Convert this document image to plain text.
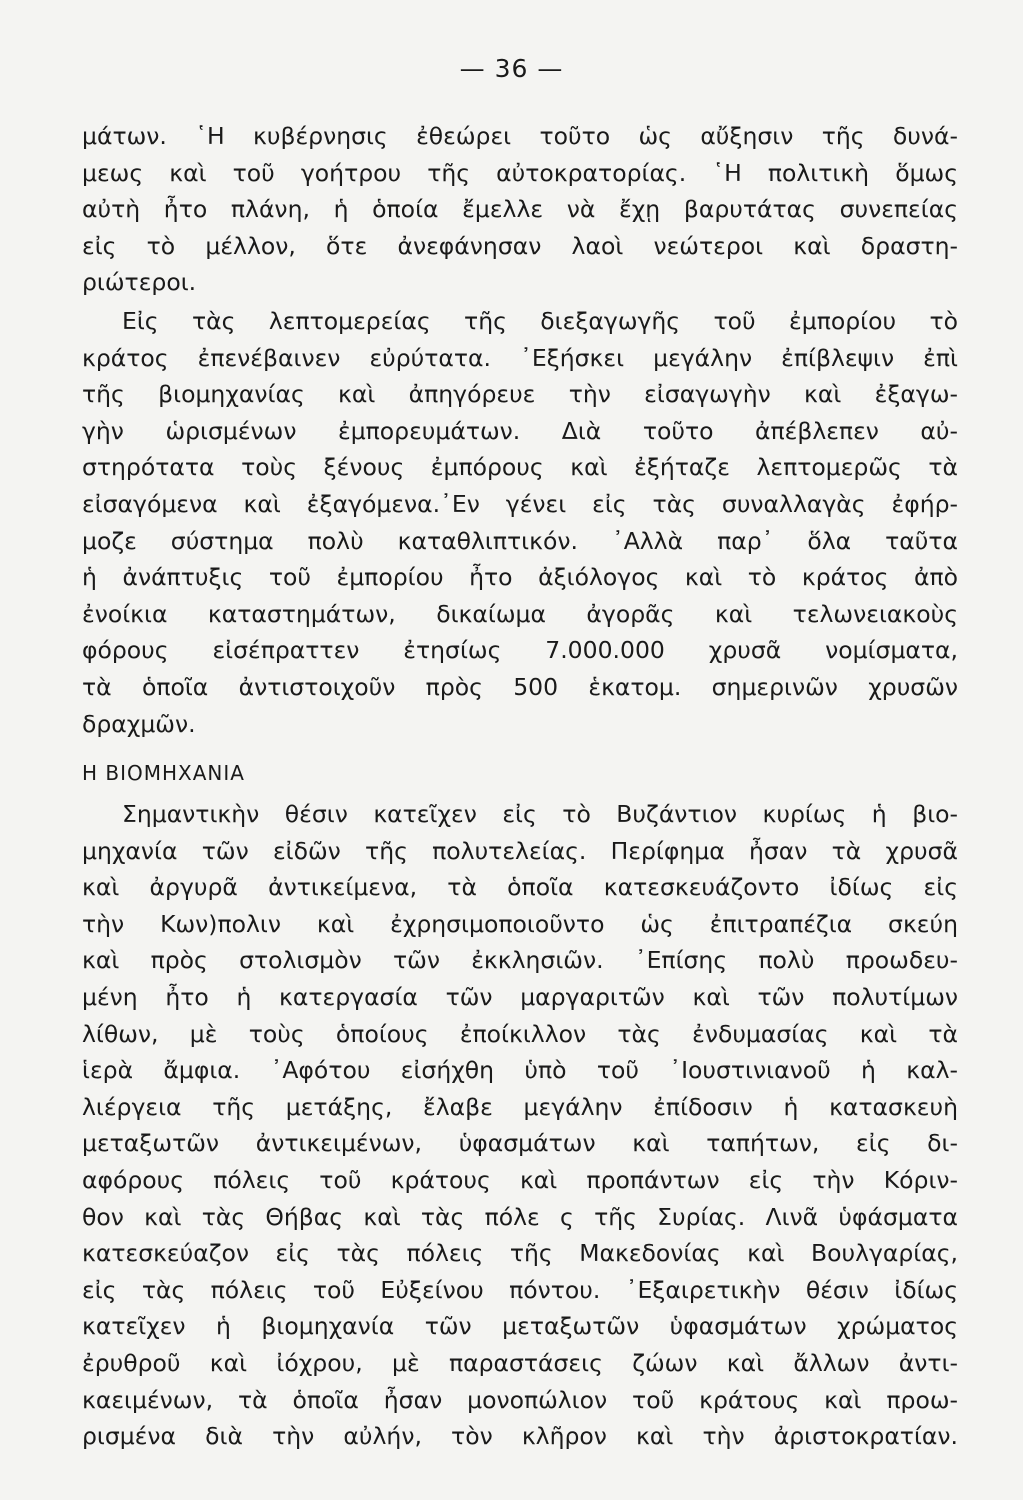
— 36 —
μάτων. ῾Η κυβέρνησις ἐθεώρει τοῦτο ὡς αὔξησιν τῆς δυνά-
μεως καὶ τοῦ γοήτρου τῆς αὐτοκρατορίας. ῾Η πολιτικὴ ὅμως
αὐτὴ ἦτο πλάνη, ἡ ὁποία ἔμελλε νὰ ἔχῃ βαρυτάτας συνεπείας
εἰς τὸ μέλλον, ὅτε ἀνεφάνησαν λαοὶ νεώτεροι καὶ δραστη-
ριώτεροι.
Εἰς τὰς λεπτομερείας τῆς διεξαγωγῆς τοῦ ἐμπορίου τὸ
κράτος ἐπενέβαινεν εὐρύτατα. ᾿Εξήσκει μεγάλην ἐπίβλεψιν ἐπὶ
τῆς βιομηχανίας καὶ ἀπηγόρευε τὴν εἰσαγωγὴν καὶ ἐξαγω-
γὴν ὡρισμένων ἐμπορευμάτων. Διὰ τοῦτο ἀπέβλεπεν αὐ-
στηρότατα τοὺς ξένους ἐμπόρους καὶ ἐξήταζε λεπτομερῶς τὰ
εἰσαγόμενα καὶ ἐξαγόμενα.᾿Εν γένει εἰς τὰς συναλλαγὰς ἐφήρ-
μοζε σύστημα πολὺ καταθλιπτικόν. ᾿Αλλὰ παρ᾿ ὅλα ταῦτα
ἡ ἀνάπτυξις τοῦ ἐμπορίου ἦτο ἀξιόλογος καὶ τὸ κράτος ἀπὸ
ἐνοίκια καταστημάτων, δικαίωμα ἀγορᾶς καὶ τελωνειακοὺς
φόρους εἰσέπραττεν ἐτησίως 7.000.000 χρυσᾶ νομίσματα,
τὰ ὁποῖα ἀντιστοιχοῦν πρὸς 500 ἑκατομ. σημερινῶν χρυσῶν
δραχμῶν.
Η ΒΙΟΜΗΧΑΝΙΑ
Σημαντικὴν θέσιν κατεῖχεν εἰς τὸ Βυζάντιον κυρίως ἡ βιο-
μηχανία τῶν εἰδῶν τῆς πολυτελείας. Περίφημα ἦσαν τὰ χρυσᾶ
καὶ ἀργυρᾶ ἀντικείμενα, τὰ ὁποῖα κατεσκευάζοντο ἰδίως εἰς
τὴν Κων)πολιν καὶ ἐχρησιμοποιοῦντο ὡς ἐπιτραπέζια σκεύη
καὶ πρὸς στολισμὸν τῶν ἐκκλησιῶν. ᾿Επίσης πολὺ προωδευ-
μένη ἦτο ἡ κατεργασία τῶν μαργαριτῶν καὶ τῶν πολυτίμων
λίθων, μὲ τοὺς ὁποίους ἐποίκιλλον τὰς ἐνδυμασίας καὶ τὰ
ἱερὰ ἄμφια. ᾿Αφότου εἰσήχθη ὑπὸ τοῦ ᾿Ιουστινιανοῦ ἡ καλ-
λιέργεια τῆς μετάξης, ἔλαβε μεγάλην ἐπίδοσιν ἡ κατασκευὴ
μεταξωτῶν ἀντικειμένων, ὑφασμάτων καὶ ταπήτων, εἰς δι-
αφόρους πόλεις τοῦ κράτους καὶ προπάντων εἰς τὴν Κόριν-
θον καὶ τὰς Θήβας καὶ τὰς πόλε ς τῆς Συρίας. Λινᾶ ὑφάσματα
κατεσκεύαζον εἰς τὰς πόλεις τῆς Μακεδονίας καὶ Βουλγαρίας,
εἰς τὰς πόλεις τοῦ Εὐξείνου πόντου. ᾿Εξαιρετικὴν θέσιν ἰδίως
κατεῖχεν ἡ βιομηχανία τῶν μεταξωτῶν ὑφασμάτων χρώματος
ἐρυθροῦ καὶ ἰόχρου, μὲ παραστάσεις ζώων καὶ ἄλλων ἀντι-
καειμένων, τὰ ὁποῖα ἦσαν μονοπώλιον τοῦ κράτους καὶ προω-
ρισμένα διὰ τὴν αὐλήν, τὸν κλῆρον καὶ τὴν ἀριστοκρατίαν.
